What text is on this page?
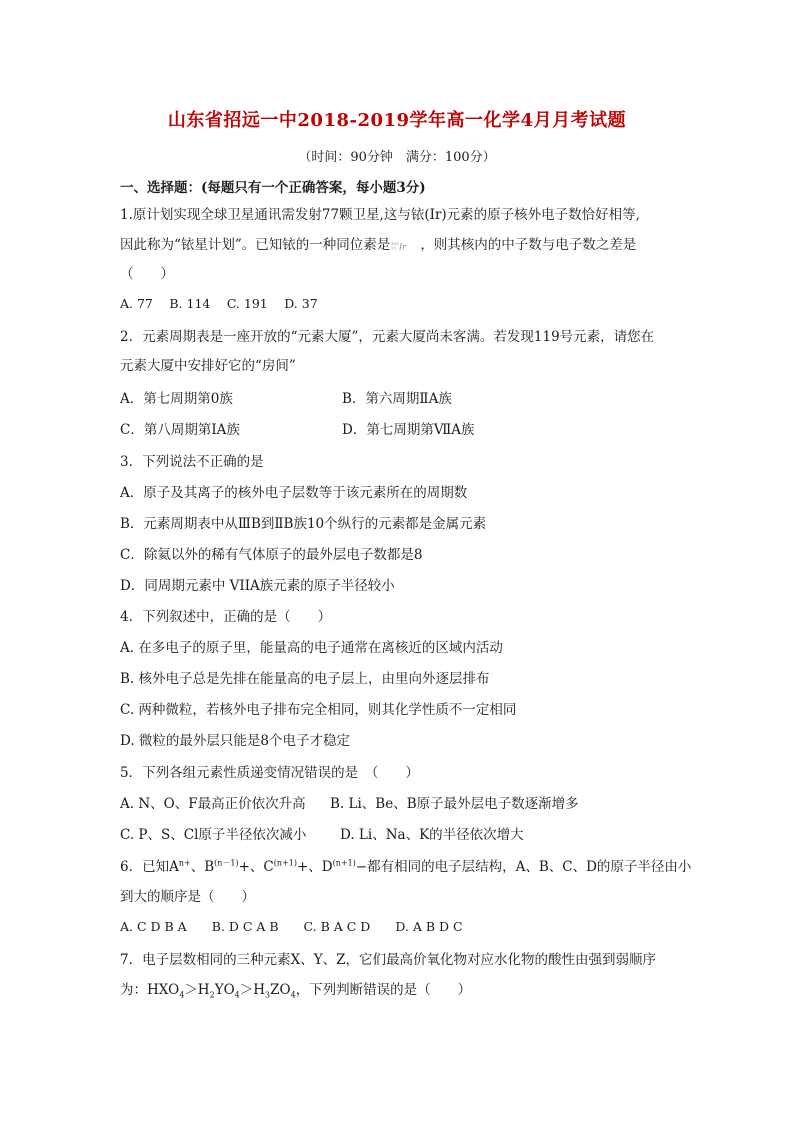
山东省招远一中2018-2019学年高一化学4月月考试题
（时间：90分钟　满分：100分）
一、选择题：(每题只有一个正确答案，每小题3分)
1.原计划实现全球卫星通讯需发射77颗卫星,这与铱(Ir)元素的原子核外电子数恰好相等,
因此称为“铱星计划”。已知铱的一种同位素是 193
77 Ir ，则其核内的中子数与电子数之差是
（　　）
A. 77　 B. 114　 C. 191　 D. 37
2．元素周期表是一座开放的“元素大厦”，元素大厦尚未客满。若发现119号元素，请您在
元素大厦中安排好它的“房间”
A．第七周期第0族	B．第六周期ⅡA族
C．第八周期第ⅠA族	D．第七周期第ⅦA族
3．下列说法不正确的是
A．原子及其离子的核外电子层数等于该元素所在的周期数
B．元素周期表中从ⅢB到ⅡB族10个纵行的元素都是金属元素
C．除氦以外的稀有气体原子的最外层电子数都是8
D．同周期元素中 VIIA族元素的原子半径较小
4．下列叙述中，正确的是（　　）
A. 在多电子的原子里，能量高的电子通常在离核近的区域内活动
B. 核外电子总是先排在能量高的电子层上，由里向外逐层排布
C. 两种微粒，若核外电子排布完全相同，则其化学性质不一定相同
D. 微粒的最外层只能是8个电子才稳定
5．下列各组元素性质递变情况错误的是　（　　）
A. N、O、F最高正价依次升高 B. Li、Be、B原子最外层电子数逐渐增多
C. P、S、Cl原子半径依次减小 D. Li、Na、K的半径依次增大
6．已知$A^{n+}$、$B^{(n-1)}+$、$C^{(n+1)}+$、$D^{(n+1)}-$都有相同的电子层结构，A、B、C、D的原子半径由小
到大的顺序是（　　）
A. C D B A　　B. D C A B　　C. B A C D　　D. A B D C
7．电子层数相同的三种元素X、Y、Z，它们最高价氧化物对应水化物的酸性由强到弱顺序
为：$HXO_4>H_2YO_4>H_3ZO_4$，下列判断错误的是（　　）
